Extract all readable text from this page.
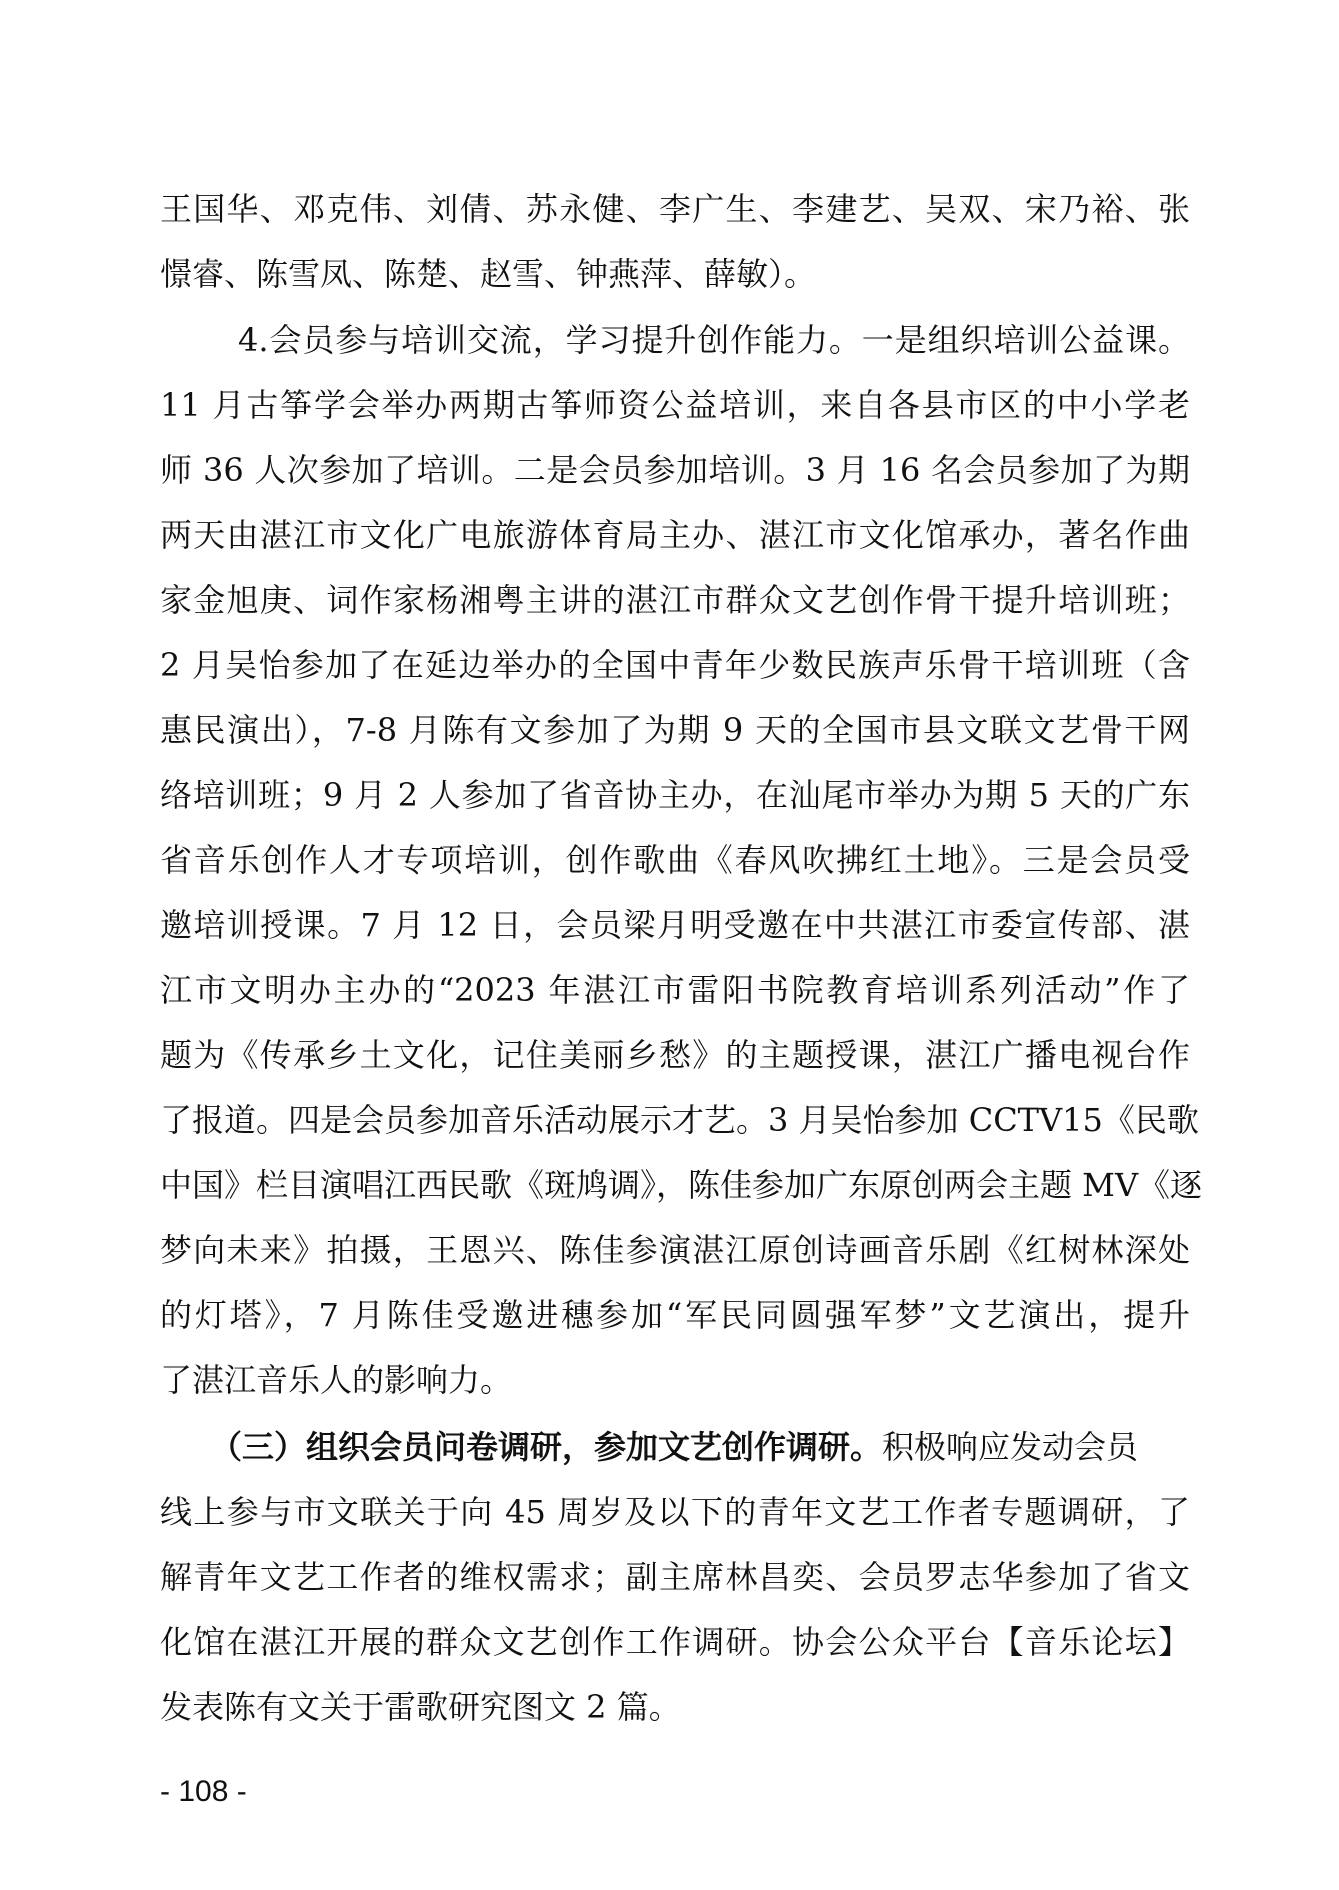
王国华、邓克伟、刘倩、苏永健、李广生、李建艺、吴双、宋乃裕、张
憬睿、陈雪凤、陈楚、赵雪、钟燕萍、薛敏）。
4.会员参与培训交流，学习提升创作能力。一是组织培训公益课。
11 月古筝学会举办两期古筝师资公益培训，来自各县市区的中小学老
师 36 人次参加了培训。二是会员参加培训。3 月 16 名会员参加了为期
两天由湛江市文化广电旅游体育局主办、湛江市文化馆承办，著名作曲
家金旭庚、词作家杨湘粤主讲的湛江市群众文艺创作骨干提升培训班；
2 月吴怡参加了在延边举办的全国中青年少数民族声乐骨干培训班（含
惠民演出），7-8 月陈有文参加了为期 9 天的全国市县文联文艺骨干网
络培训班；9 月 2 人参加了省音协主办，在汕尾市举办为期 5 天的广东
省音乐创作人才专项培训，创作歌曲《春风吹拂红土地》。三是会员受
邀培训授课。7 月 12 日，会员梁月明受邀在中共湛江市委宣传部、湛
江市文明办主办的“2023 年湛江市雷阳书院教育培训系列活动”作了
题为《传承乡土文化，记住美丽乡愁》的主题授课，湛江广播电视台作
了报道。四是会员参加音乐活动展示才艺。3 月吴怡参加 CCTV15《民歌
中国》栏目演唱江西民歌《斑鸠调》，陈佳参加广东原创两会主题 MV《逐
梦向未来》拍摄，王恩兴、陈佳参演湛江原创诗画音乐剧《红树林深处
的灯塔》，7 月陈佳受邀进穗参加“军民同圆强军梦”文艺演出，提升
了湛江音乐人的影响力。
（三）组织会员问卷调研，参加文艺创作调研。积极响应发动会员
线上参与市文联关于向 45 周岁及以下的青年文艺工作者专题调研，了
解青年文艺工作者的维权需求；副主席林昌奕、会员罗志华参加了省文
化馆在湛江开展的群众文艺创作工作调研。协会公众平台【音乐论坛】
发表陈有文关于雷歌研究图文 2 篇。
- 108 -
